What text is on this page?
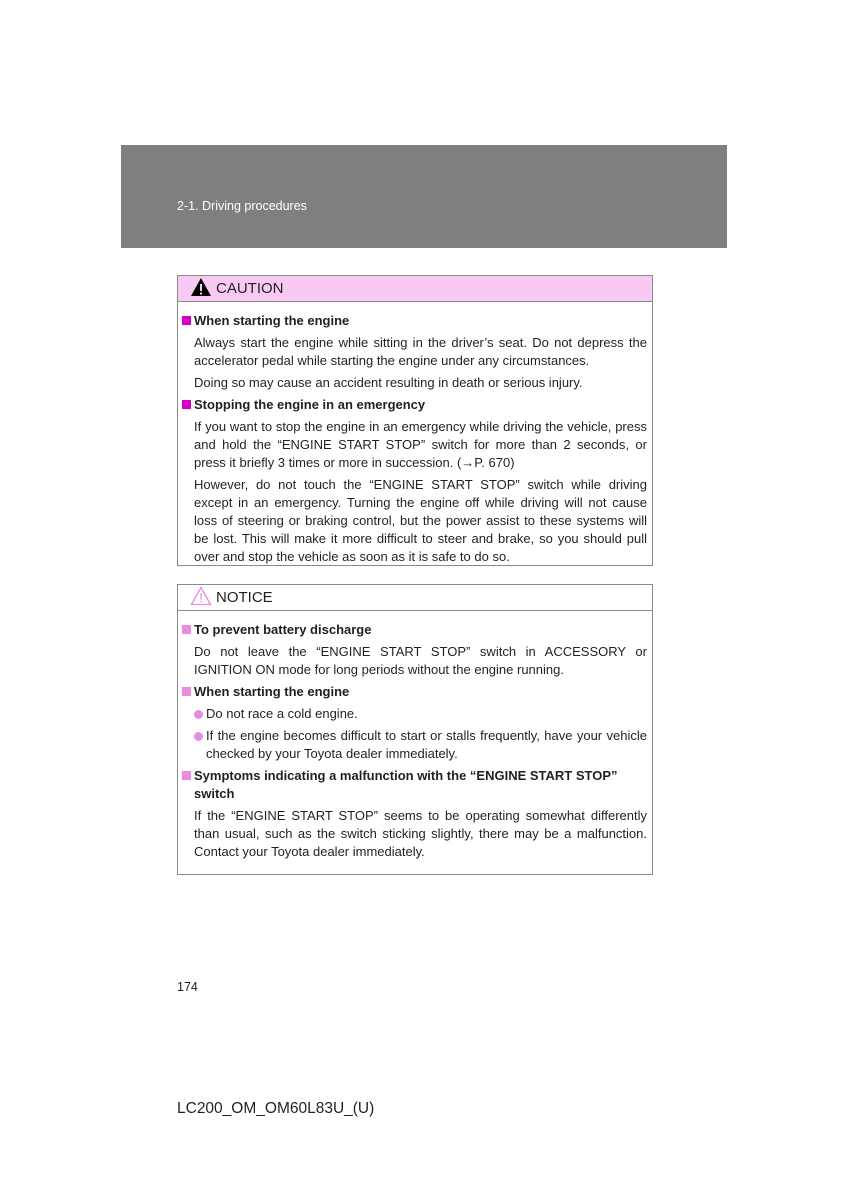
2-1. Driving procedures
CAUTION
When starting the engine

Always start the engine while sitting in the driver’s seat. Do not depress the accelerator pedal while starting the engine under any circumstances.

Doing so may cause an accident resulting in death or serious injury.

Stopping the engine in an emergency

If you want to stop the engine in an emergency while driving the vehicle, press and hold the “ENGINE START STOP” switch for more than 2 seconds, or press it briefly 3 times or more in succession. (→P. 670)

However, do not touch the “ENGINE START STOP” switch while driving except in an emergency. Turning the engine off while driving will not cause loss of steering or braking control, but the power assist to these systems will be lost. This will make it more difficult to steer and brake, so you should pull over and stop the vehicle as soon as it is safe to do so.

NOTICE
To prevent battery discharge

Do not leave the “ENGINE START STOP” switch in ACCESSORY or IGNITION ON mode for long periods without the engine running.

When starting the engine
Do not race a cold engine.
If the engine becomes difficult to start or stalls frequently, have your vehicle checked by your Toyota dealer immediately.
Symptoms indicating a malfunction with the “ENGINE START STOP” switch

If the “ENGINE START STOP” seems to be operating somewhat differently than usual, such as the switch sticking slightly, there may be a malfunction. Contact your Toyota dealer immediately.

174
LC200_OM_OM60L83U_(U)
